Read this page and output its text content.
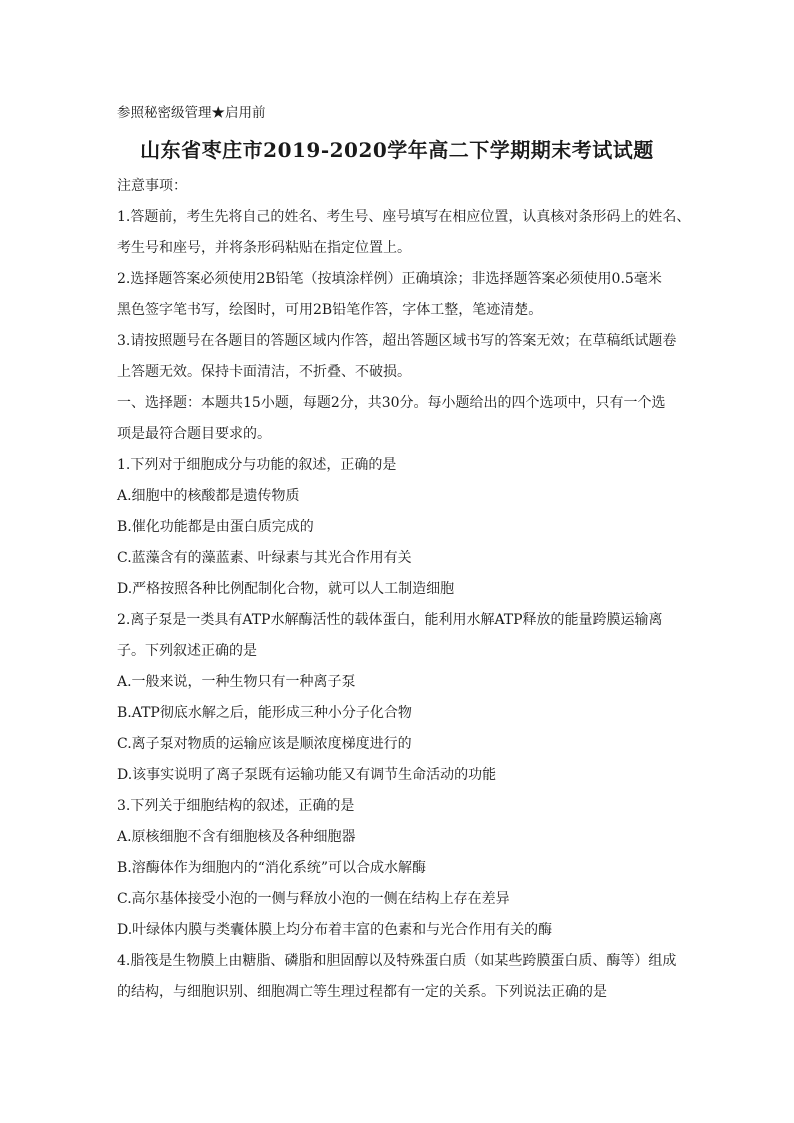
参照秘密级管理★启用前
山东省枣庄市2019-2020学年高二下学期期末考试试题
注意事项：
1.答题前，考生先将自己的姓名、考生号、座号填写在相应位置，认真核对条形码上的姓名、
考生号和座号，并将条形码粘贴在指定位置上。
2.选择题答案必须使用2B铅笔（按填涂样例）正确填涂；非选择题答案必须使用0.5毫米
黑色签字笔书写，绘图时，可用2B铅笔作答，字体工整，笔迹清楚。
3.请按照题号在各题目的答题区域内作答，超出答题区域书写的答案无效；在草稿纸试题卷
上答题无效。保持卡面清洁，不折叠、不破损。
一、选择题：本题共15小题，每题2分，共30分。每小题给出的四个选项中，只有一个选
项是最符合题目要求的。
1.下列对于细胞成分与功能的叙述，正确的是
A.细胞中的核酸都是遗传物质
B.催化功能都是由蛋白质完成的
C.蓝藻含有的藻蓝素、叶绿素与其光合作用有关
D.严格按照各种比例配制化合物，就可以人工制造细胞
2.离子泵是一类具有ATP水解酶活性的载体蛋白，能利用水解ATP释放的能量跨膜运输离
子。下列叙述正确的是
A.一般来说，一种生物只有一种离子泵
B.ATP彻底水解之后，能形成三种小分子化合物
C.离子泵对物质的运输应该是顺浓度梯度进行的
D.该事实说明了离子泵既有运输功能又有调节生命活动的功能
3.下列关于细胞结构的叙述，正确的是
A.原核细胞不含有细胞核及各种细胞器
B.溶酶体作为细胞内的“消化系统”可以合成水解酶
C.高尔基体接受小泡的一侧与释放小泡的一侧在结构上存在差异
D.叶绿体内膜与类囊体膜上均分布着丰富的色素和与光合作用有关的酶
4.脂筏是生物膜上由糖脂、磷脂和胆固醇以及特殊蛋白质（如某些跨膜蛋白质、酶等）组成
的结构，与细胞识别、细胞凋亡等生理过程都有一定的关系。下列说法正确的是
